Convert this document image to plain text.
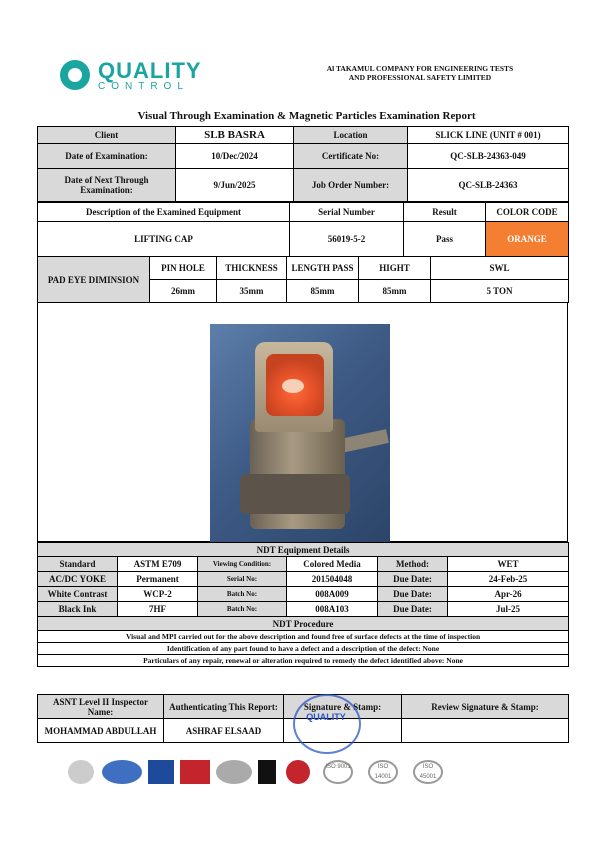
QUALITY
CONTROL
Al TAKAMUL COMPANY FOR ENGINEERING TESTS
AND PROFESSIONAL SAFETY LIMITED
Visual Through Examination & Magnetic Particles Examination Report
Client	SLB BASRA	Location	SLICK LINE (UNIT # 001)
Date of Examination:	10/Dec/2024	Certificate No:	QC-SLB-24363-049
Date of Next Through Examination:	9/Jun/2025	Job Order Number:	QC-SLB-24363
Description of the Examined Equipment	Serial Number	Result	COLOR CODE
LIFTING CAP	56019-5-2	Pass	ORANGE
PAD EYE DIMINSION	PIN HOLE	THICKNESS	LENGTH PASS	HIGHT	SWL
	26mm	35mm	85mm	85mm	5 TON
NDT Equipment Details					
Standard	ASTM E709	Viewing Condition:	Colored Media	Method:	WET
AC/DC YOKE	Permanent	Serial No:	201504048	Due Date:	24-Feb-25
White Contrast	WCP-2	Batch No:	008A009	Due Date:	Apr-26
Black Ink	7HF	Batch No:	008A103	Due Date:	Jul-25
NDT Procedure					
Visual and MPI carried out for the above description and found free of surface defects at the time of inspection					
Identification of any part found to have a defect and a description of the defect: None					
Particulars of any repair, renewal or alteration required to remedy the defect identified above: None					
ASNT Level II Inspector Name:	Authenticating This Report:	Signature & Stamp:	Review Signature & Stamp:
MOHAMMAD ABDULLAH	ASHRAF ELSAAD		
QUALITY
ISO 9001	ISO 14001
ISO 45001
